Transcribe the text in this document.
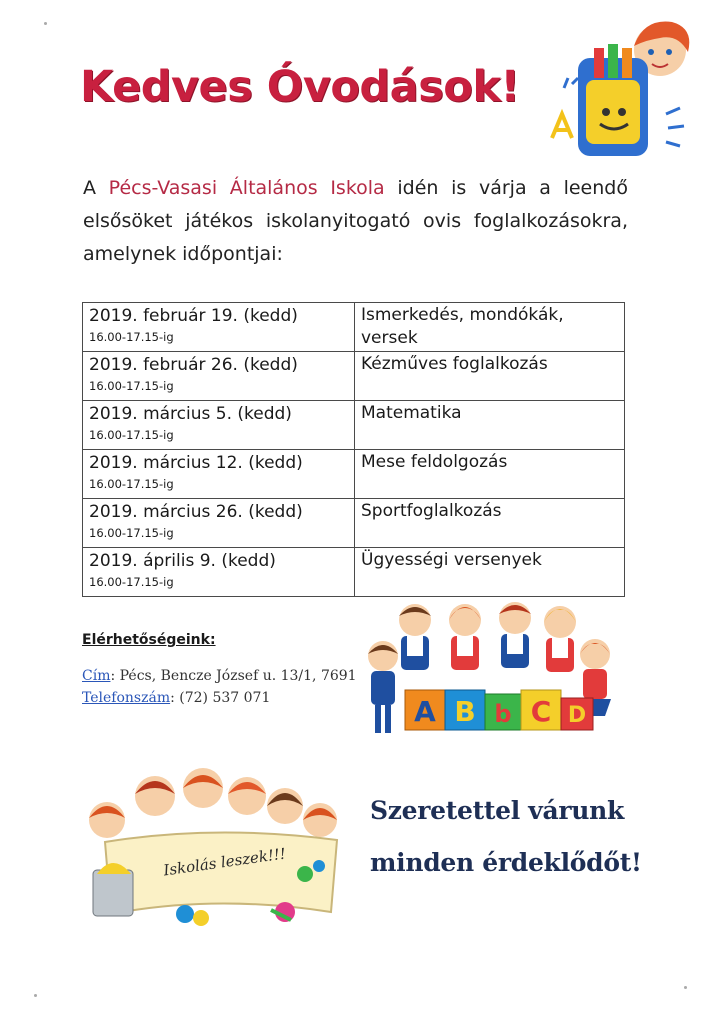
Kedves Óvodások!
A Pécs-Vasasi Általános Iskola idén is várja a leendő elsősöket játékos iskolanyitogató ovis foglalkozásokra, amelynek időpontjai:
2019. február 19. (kedd)
16.00-17.15-ig	Ismerkedés, mondókák, versek

2019. február 26. (kedd)
16.00-17.15-ig	Kézműves foglalkozás

2019. március 5. (kedd)
16.00-17.15-ig	Matematika

2019. március 12. (kedd)
16.00-17.15-ig	Mese feldolgozás

2019. március 26. (kedd)
16.00-17.15-ig	Sportfoglalkozás

2019. április 9. (kedd)
16.00-17.15-ig	Ügyességi versenyek
Elérhetőségeink:
Cím: Pécs, Bencze József u. 13/1, 7691
Telefonszám: (72) 537 071	A B b C D
Iskolás leszek!!!
Szeretettel várunk
minden érdeklődőt!
